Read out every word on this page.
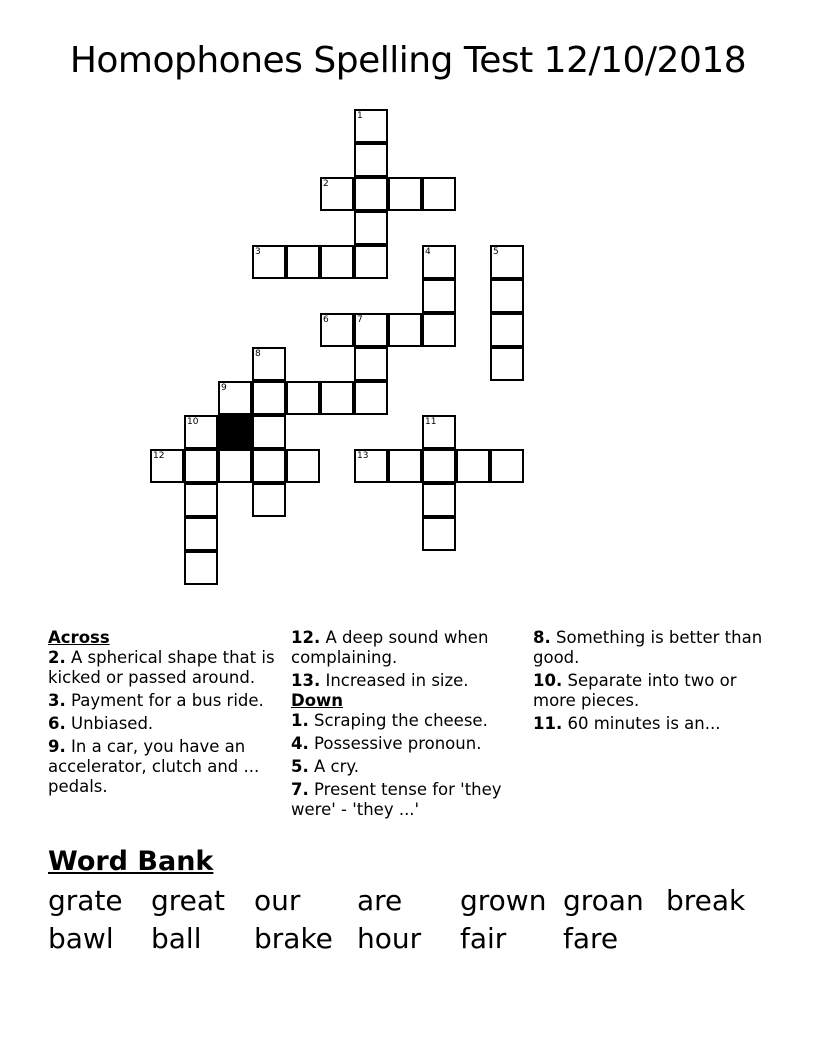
Homophones Spelling Test 12/10/2018
1
2
3	4	5
6	7
8
9
10	11
12	13
Across
2. A spherical shape that is kicked or passed around.
3. Payment for a bus ride.
6. Unbiased.
9. In a car, you have an accelerator, clutch and ... pedals.
12. A deep sound when complaining.
13. Increased in size.
Down
1. Scraping the cheese.
4. Possessive pronoun.
5. A cry.
7. Present tense for 'they were' - 'they ...'
8. Something is better than good.
10. Separate into two or more pieces.
11. 60 minutes is an...
Word Bank
grate	great	our	are	grown groan break
bawl	ball	brake hour	fair	fare
